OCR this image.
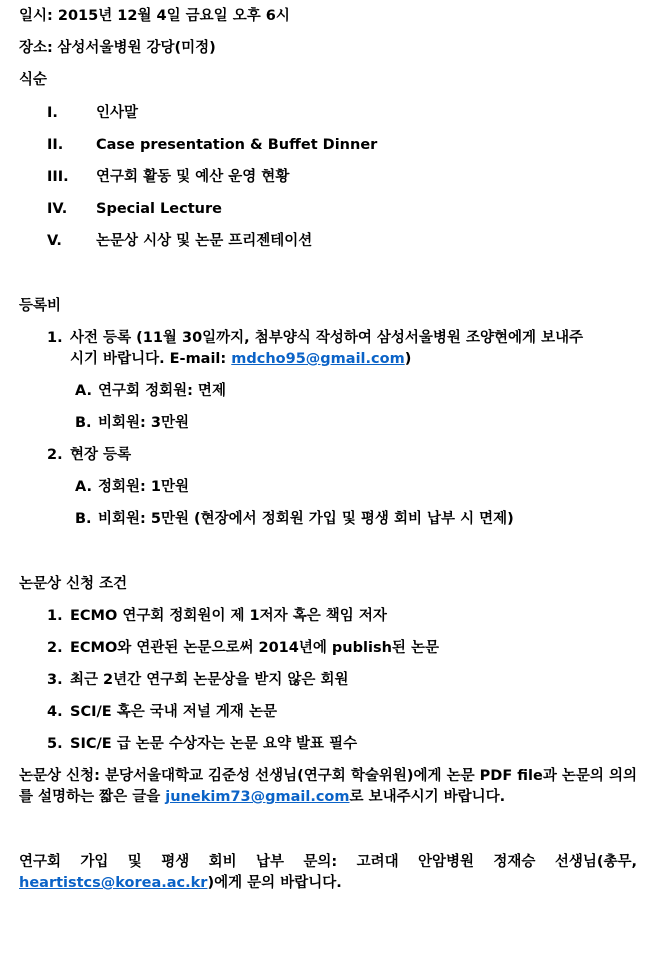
일시: 2015년 12월 4일 금요일 오후 6시
장소: 삼성서울병원 강당(미정)
식순
I.	인사말
II. Case presentation & Buffet Dinner
III. 연구회 활동 및 예산 운영 현황
IV. Special Lecture
V. 논문상 시상 및 논문 프리젠테이션
등록비
1. 사전 등록 (11월 30일까지, 첨부양식 작성하여 삼성서울병원 조양현에게 보내주
시기 바랍니다. E-mail: mdcho95@gmail.com)
A. 연구회 정회원: 면제
B. 비회원: 3만원
2. 현장 등록
A. 정회원: 1만원
B. 비회원: 5만원 (현장에서 정회원 가입 및 평생 회비 납부 시 면제)
논문상 신청 조건
1. ECMO 연구회 정회원이 제 1저자 혹은 책임 저자
2. ECMO와 연관된 논문으로써 2014년에 publish된 논문
3. 최근 2년간 연구회 논문상을 받지 않은 회원
4. SCI/E 혹은 국내 저널 게재 논문
5. SIC/E 급 논문 수상자는 논문 요약 발표 필수
논문상 신청: 분당서울대학교 김준성 선생님(연구회 학술위원)에게 논문 PDF file과 논문의 의의를 설명하는 짧은 글을 junekim73@gmail.com로 보내주시기 바랍니다.
연구회 가입 및 평생 회비 납부 문의: 고려대 안암병원 정재승 선생님(총무, heartistcs@korea.ac.kr)에게 문의 바랍니다.
